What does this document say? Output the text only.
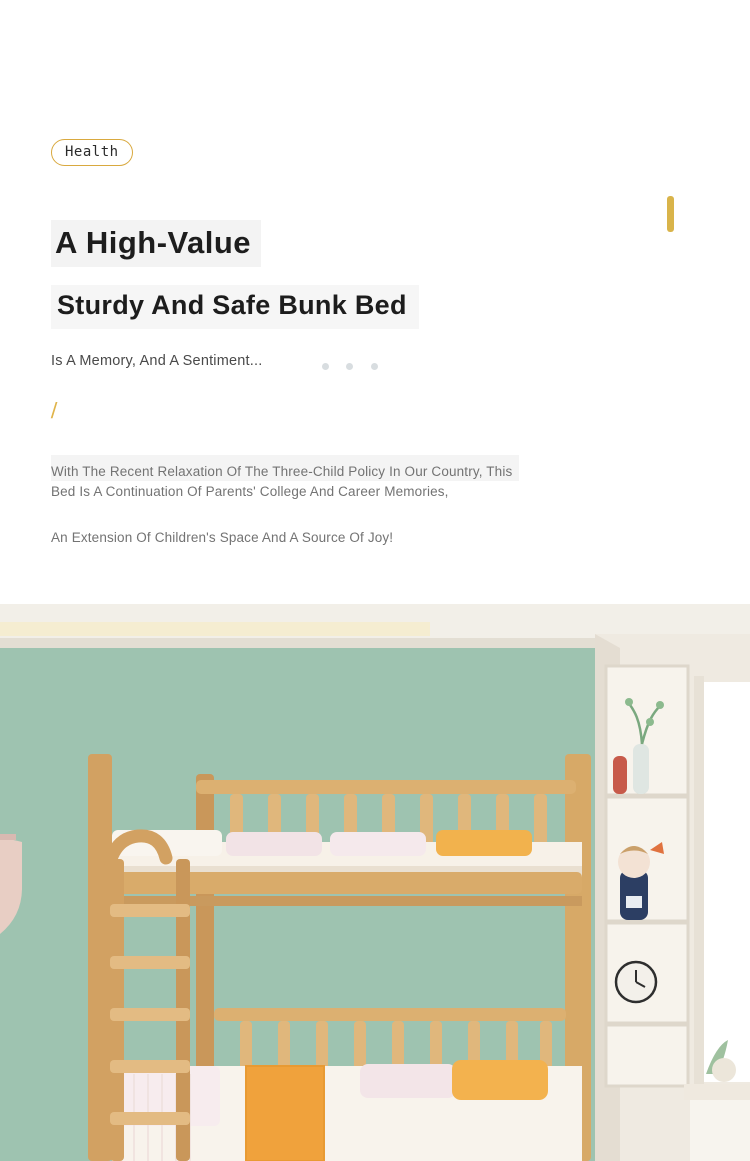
Health
A High-Value
Sturdy And Safe Bunk Bed
Is A Memory, And A Sentiment...
/
With The Recent Relaxation Of The Three-Child Policy In Our Country, This Bed Is A Continuation Of Parents' College And Career Memories,
An Extension Of Children's Space And A Source Of Joy!
